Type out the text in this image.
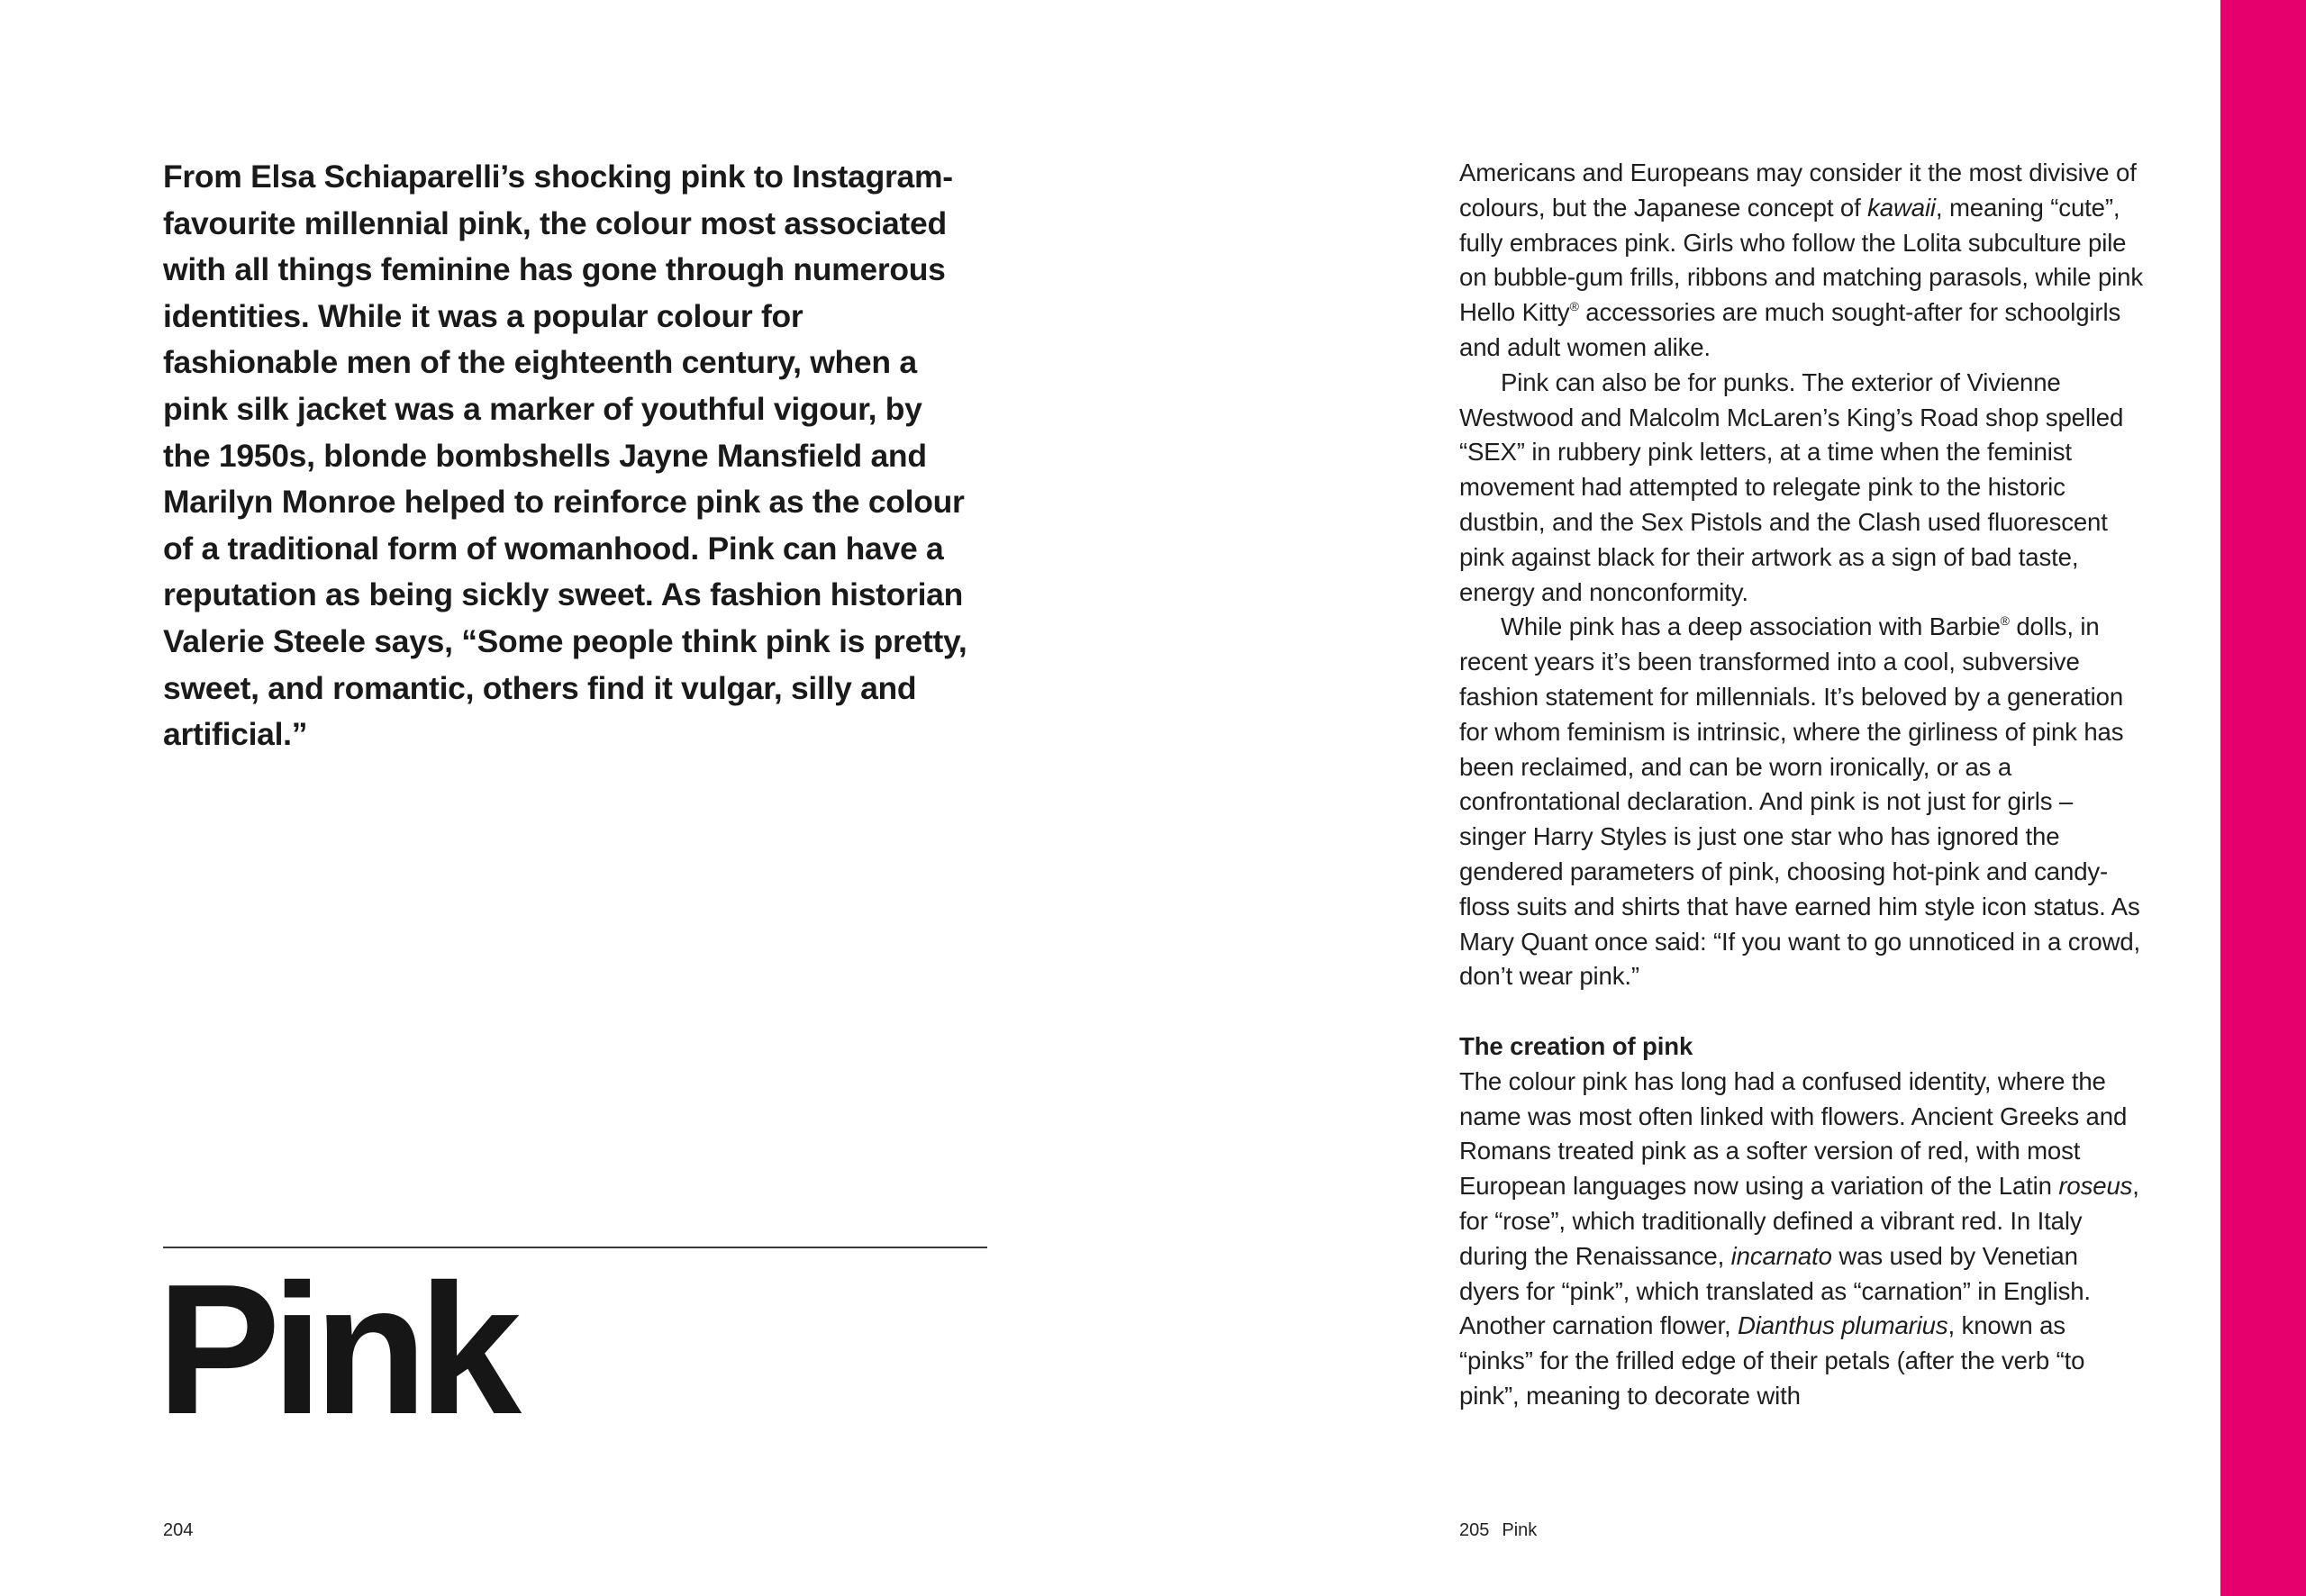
From Elsa Schiaparelli’s shocking pink to Instagram-favourite millennial pink, the colour most associated with all things feminine has gone through numerous identities. While it was a popular colour for fashionable men of the eighteenth century, when a pink silk jacket was a marker of youthful vigour, by the 1950s, blonde bombshells Jayne Mansfield and Marilyn Monroe helped to reinforce pink as the colour of a traditional form of womanhood. Pink can have a reputation as being sickly sweet. As fashion historian Valerie Steele says, “Some people think pink is pretty, sweet, and romantic, others find it vulgar, silly and artificial.”

Pink
204

Americans and Europeans may consider it the most divisive of colours, but the Japanese concept of kawaii, meaning “cute”, fully embraces pink. Girls who follow the Lolita subculture pile on bubble-gum frills, ribbons and matching parasols, while pink Hello Kitty® accessories are much sought-after for schoolgirls and adult women alike.

Pink can also be for punks. The exterior of Vivienne Westwood and Malcolm McLaren’s King’s Road shop spelled “SEX” in rubbery pink letters, at a time when the feminist movement had attempted to relegate pink to the historic dustbin, and the Sex Pistols and the Clash used fluorescent pink against black for their artwork as a sign of bad taste, energy and nonconformity.

While pink has a deep association with Barbie® dolls, in recent years it’s been transformed into a cool, subversive fashion statement for millennials. It’s beloved by a generation for whom feminism is intrinsic, where the girliness of pink has been reclaimed, and can be worn ironically, or as a confrontational declaration. And pink is not just for girls – singer Harry Styles is just one star who has ignored the gendered parameters of pink, choosing hot-pink and candy-floss suits and shirts that have earned him style icon status. As Mary Quant once said: “If you want to go unnoticed in a crowd, don’t wear pink.”

The creation of pink

The colour pink has long had a confused identity, where the name was most often linked with flowers. Ancient Greeks and Romans treated pink as a softer version of red, with most European languages now using a variation of the Latin roseus, for “rose”, which traditionally defined a vibrant red. In Italy during the Renaissance, incarnato was used by Venetian dyers for “pink”, which translated as “carnation” in English. Another carnation flower, Dianthus plumarius, known as “pinks” for the frilled edge of their petals (after the verb “to pink”, meaning to decorate with

205 Pink
